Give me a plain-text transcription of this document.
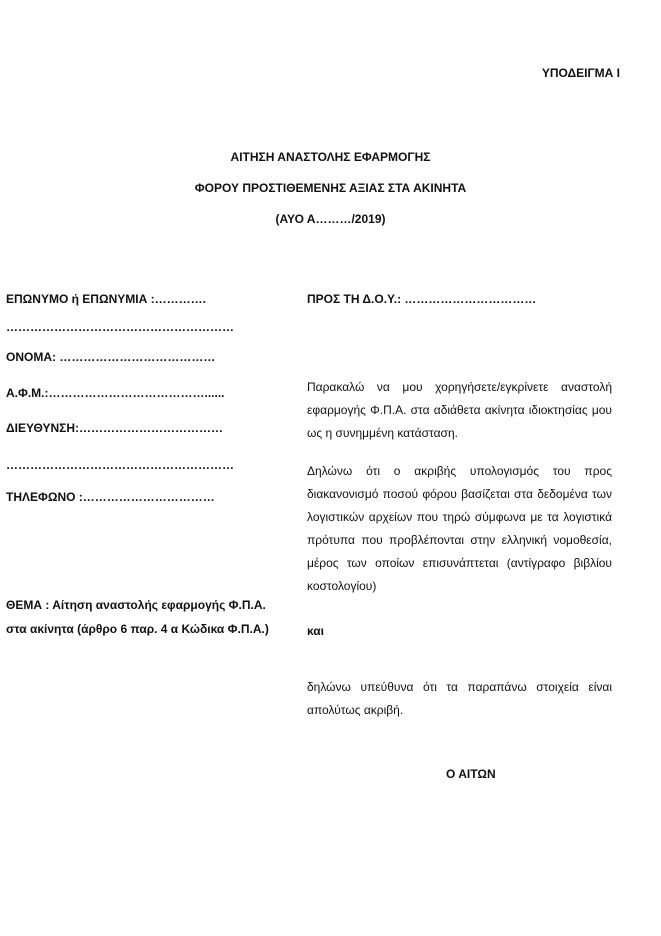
ΥΠΟΔΕΙΓΜΑ Ι
ΑΙΤΗΣΗ ΑΝΑΣΤΟΛΗΣ ΕΦΑΡΜΟΓΗΣ
ΦΟΡΟΥ ΠΡΟΣΤΙΘΕΜΕΝΗΣ ΑΞΙΑΣ ΣΤΑ ΑΚΙΝΗΤΑ
(ΑΥΟ Α………/2019)
ΕΠΩΝΥΜΟ ή ΕΠΩΝΥΜΙΑ :………….
…………………………………………………
ΟΝΟΜΑ: …………………………………
Α.Φ.Μ.:…………………………………......
ΔΙΕΥΘΥΝΣΗ:………………………………
…………………………………………………
ΤΗΛΕΦΩΝΟ :……………………………
ΠΡΟΣ ΤΗ Δ.Ο.Υ.: ……………………………
Παρακαλώ να μου χορηγήσετε/εγκρίνετε αναστολή εφαρμογής Φ.Π.Α. στα αδιάθετα ακίνητα ιδιοκτησίας μου ως η συνημμένη κατάσταση.
Δηλώνω ότι ο ακριβής υπολογισμός του προς διακανονισμό ποσού φόρου βασίζεται στα δεδομένα των λογιστικών αρχείων που τηρώ σύμφωνα με τα λογιστικά πρότυπα που προβλέπονται στην ελληνική νομοθεσία, μέρος των οποίων επισυνάπτεται (αντίγραφο βιβλίου κοστολογίου)
ΘΕΜΑ : Αίτηση αναστολής εφαρμογής Φ.Π.Α.
στα ακίνητα (άρθρο 6 παρ. 4 α Κώδικα Φ.Π.Α.)	και
δηλώνω υπεύθυνα ότι τα παραπάνω στοιχεία είναι απολύτως ακριβή.
Ο ΑΙΤΩΝ
